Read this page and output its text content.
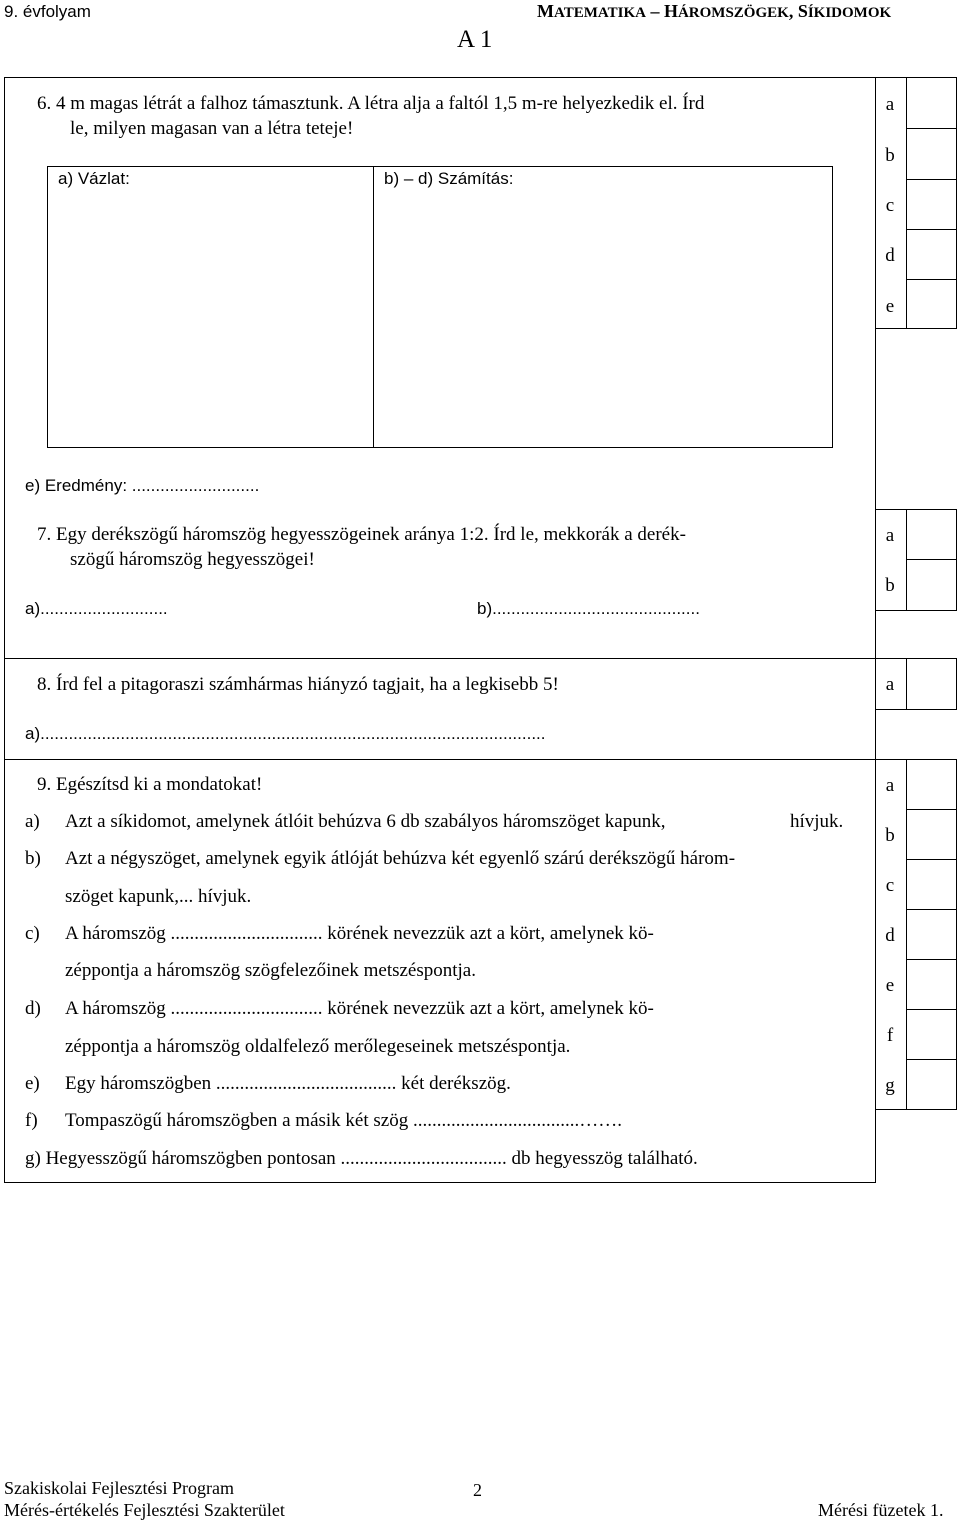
9. évfolyam	MATEMATIKA – HÁROMSZÖGEK, SÍKIDOMOK
A 1
a
b
c
d
e
6. 4 m magas létrát a falhoz támasztunk. A létra alja a faltól 1,5 m-re helyezkedik el. Írd
le, milyen magasan van a létra teteje!
a) Vázlat:	b) – d) Számítás:
e) Eredmény: ...........................
7. Egy derékszögű háromszög hegyesszögeinek aránya 1:2. Írd le, mekkorák a derék-
szögű háromszög hegyesszögei!
a)...........................	b)............................................
a
b
8. Írd fel a pitagoraszi számhármas hiányzó tagjait, ha a legkisebb 5!
a)...........................................................................................................
a
9. Egészítsd ki a mondatokat!
a) Azt a síkidomot, amelynek átlóit behúzva 6 db szabályos háromszöget kapunk,	hívjuk.
b) Azt a négyszöget, amelynek egyik átlóját behúzva két egyenlő szárú derékszögű három-
szöget kapunk,... hívjuk.
c) A háromszög ................................ körének nevezzük azt a kört, amelynek kö-
zéppontja a háromszög szögfelezőinek metszéspontja.
d) A háromszög ................................ körének nevezzük azt a kört, amelynek kö-
zéppontja a háromszög oldalfelező merőlegeseinek metszéspontja.
e) Egy háromszögben ...................................... két derékszög.
f) Tompaszögű háromszögben a másik két szög ...................................…….
g) Hegyesszögű háromszögben pontosan ................................... db hegyesszög található.
a
b
c
d
e
f
g
Szakiskolai Fejlesztési Program
Mérés-értékelés Fejlesztési Szakterület
2
Mérési füzetek 1.
